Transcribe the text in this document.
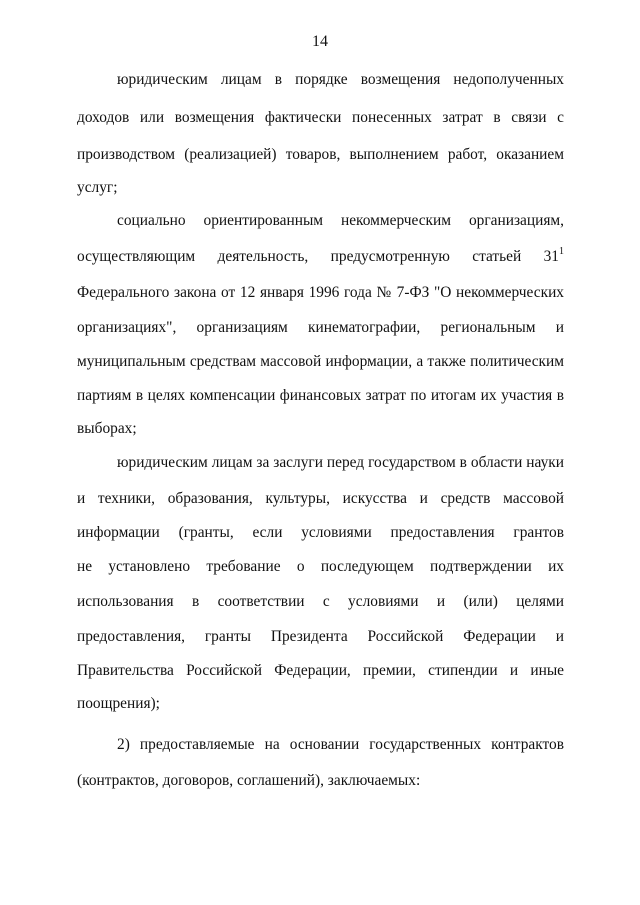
14
юридическим лицам в порядке возмещения недополученных
доходов или возмещения фактически понесенных затрат в связи с
производством (реализацией) товаров, выполнением работ, оказанием
услуг;
социально ориентированным некоммерческим организациям,
осуществляющим деятельность, предусмотренную статьей $31^1$
Федерального закона от 12 января 1996 года № 7-ФЗ "О некоммерческих
организациях", организациям кинематографии, региональным и
муниципальным средствам массовой информации, а также политическим
партиям в целях компенсации финансовых затрат по итогам их участия в
выборах;
юридическим лицам за заслуги перед государством в области науки
и техники, образования, культуры, искусства и средств массовой
информации (гранты, если условиями предоставления грантов
не установлено требование о последующем подтверждении их
использования в соответствии с условиями и (или) целями
предоставления, гранты Президента Российской Федерации и
Правительства Российской Федерации, премии, стипендии и иные
поощрения);
2) предоставляемые на основании государственных контрактов
(контрактов, договоров, соглашений), заключаемых:
